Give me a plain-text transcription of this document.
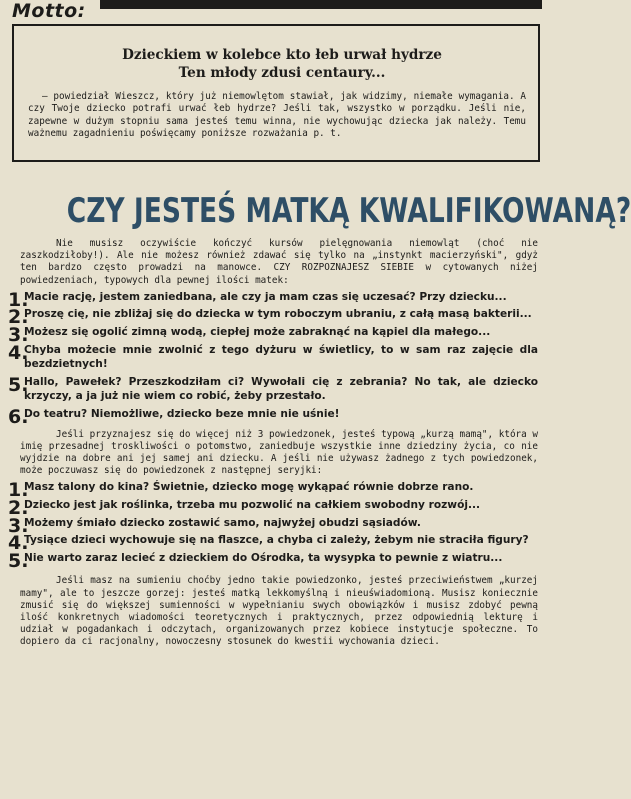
Motto:
Dzieckiem w kolebce kto łeb urwał hydrze
Ten młody zdusi centaury...
— powiedział Wieszcz, który już niemowlętom stawiał, jak widzimy, niemałe wymagania. A czy Twoje dziecko potrafi urwać łeb hydrze? Jeśli tak, wszystko w porządku. Jeśli nie, zapewne w dużym stopniu sama jesteś temu winna, nie wychowując dziecka jak należy. Temu ważnemu zagadnieniu poświęcamy poniższe rozważania p. t.
CZY JESTEŚ MATKĄ KWALIFIKOWANĄ?
Nie musisz oczywiście kończyć kursów pielęgnowania niemowląt (choć nie zaszkodziłoby!). Ale nie możesz również zdawać się tylko na „instynkt macierzyński", gdyż ten bardzo często prowadzi na manowce. CZY ROZPOZNAJESZ SIEBIE w cytowanych niżej powiedzeniach, typowych dla pewnej ilości matek:
1.
Macie rację, jestem zaniedbana, ale czy ja mam czas się uczesać? Przy dziecku...
2.
Proszę cię, nie zbliżaj się do dziecka w tym roboczym ubraniu, z całą masą bakterii...
3.
Możesz się ogolić zimną wodą, ciepłej może zabraknąć na kąpiel dla małego...
4.
Chyba możecie mnie zwolnić z tego dyżuru w świetlicy, to w sam raz zajęcie dla bezdzietnych!
5.
Hallo, Pawełek? Przeszkodziłam ci? Wywołali cię z zebrania? No tak, ale dziecko krzyczy, a ja już nie wiem co robić, żeby przestało.
6.
Do teatru? Niemożliwe, dziecko beze mnie nie uśnie!
Jeśli przyznajesz się do więcej niż 3 powiedzonek, jesteś typową „kurzą mamą", która w imię przesadnej troskliwości o potomstwo, zaniedbuje wszystkie inne dziedziny życia, co nie wyjdzie na dobre ani jej samej ani dziecku. A jeśli nie używasz żadnego z tych powiedzonek, może poczuwasz się do powiedzonek z następnej seryjki:
1.
Masz talony do kina? Świetnie, dziecko mogę wykąpać równie dobrze rano.
2.
Dziecko jest jak roślinka, trzeba mu pozwolić na całkiem swobodny rozwój...
3.
Możemy śmiało dziecko zostawić samo, najwyżej obudzi sąsiadów.
4.
Tysiące dzieci wychowuje się na flaszce, a chyba ci zależy, żebym nie straciła figury?
5.
Nie warto zaraz lecieć z dzieckiem do Ośrodka, ta wysypka to pewnie z wiatru...
Jeśli masz na sumieniu choćby jedno takie powiedzonko, jesteś przeciwieństwem „kurzej mamy", ale to jeszcze gorzej: jesteś matką lekkomyślną i nieuświadomioną. Musisz koniecznie zmusić się do większej sumienności w wypełnianiu swych obowiązków i musisz zdobyć pewną ilość konkretnych wiadomości teoretycznych i praktycznych, przez odpowiednią lekturę i udział w pogadankach i odczytach, organizowanych przez kobiece instytucje społeczne. To dopiero da ci racjonalny, nowoczesny stosunek do kwestii wychowania dzieci.
